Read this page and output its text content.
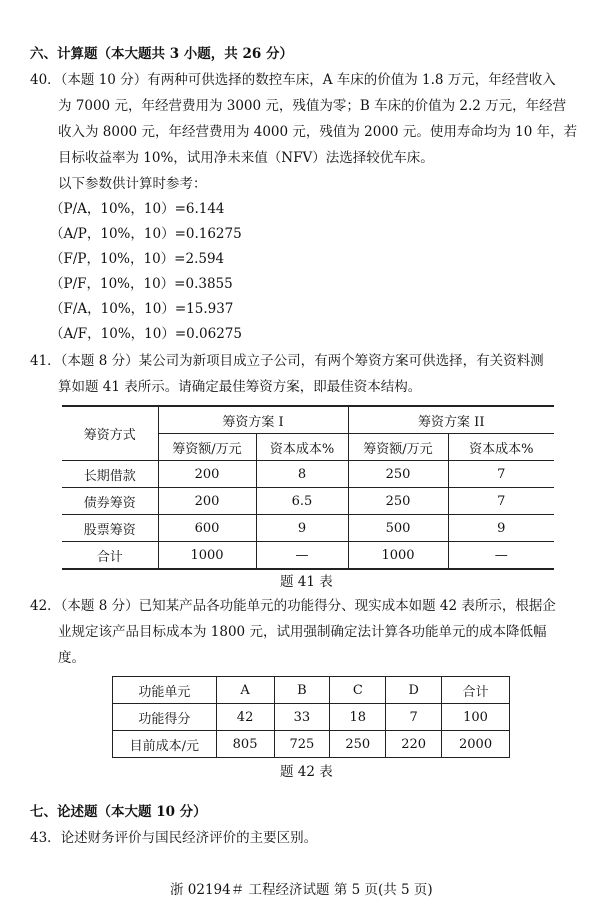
六、计算题（本大题共 3 小题，共 26 分）
40．（本题 10 分）有两种可供选择的数控车床，A 车床的价值为 1.8 万元，年经营收入
为 7000 元，年经营费用为 3000 元，残值为零；B 车床的价值为 2.2 万元，年经营
收入为 8000 元，年经营费用为 4000 元，残值为 2000 元。使用寿命均为 10 年，若
目标收益率为 10%，试用净未来值（NFV）法选择较优车床。
以下参数供计算时参考：
（P/A，10%，10）=6.144
（A/P，10%，10）=0.16275
（F/P，10%，10）=2.594
（P/F，10%，10）=0.3855
（F/A，10%，10）=15.937
（A/F，10%，10）=0.06275
41．（本题 8 分）某公司为新项目成立子公司，有两个筹资方案可供选择，有关资料测
算如题 41 表所示。请确定最佳筹资方案，即最佳资本结构。
筹资方式	筹资方案 I		筹资方案 II	
	筹资额/万元	资本成本%	筹资额/万元	资本成本%
长期借款	200	8	250	7
债券筹资	200	6.5	250	7
股票筹资	600	9	500	9
合计	1000	—	1000	—
题 41 表
42．（本题 8 分）已知某产品各功能单元的功能得分、现实成本如题 42 表所示，根据企
业规定该产品目标成本为 1800 元，试用强制确定法计算各功能单元的成本降低幅
度。
功能单元	A	B	C	D	合计
功能得分	42	33	18	7	100
目前成本/元	805	725	250	220	2000
题 42 表
七、论述题（本大题 10 分）
43．论述财务评价与国民经济评价的主要区别。
浙 02194＃ 工程经济试题 第 5 页(共 5 页)
